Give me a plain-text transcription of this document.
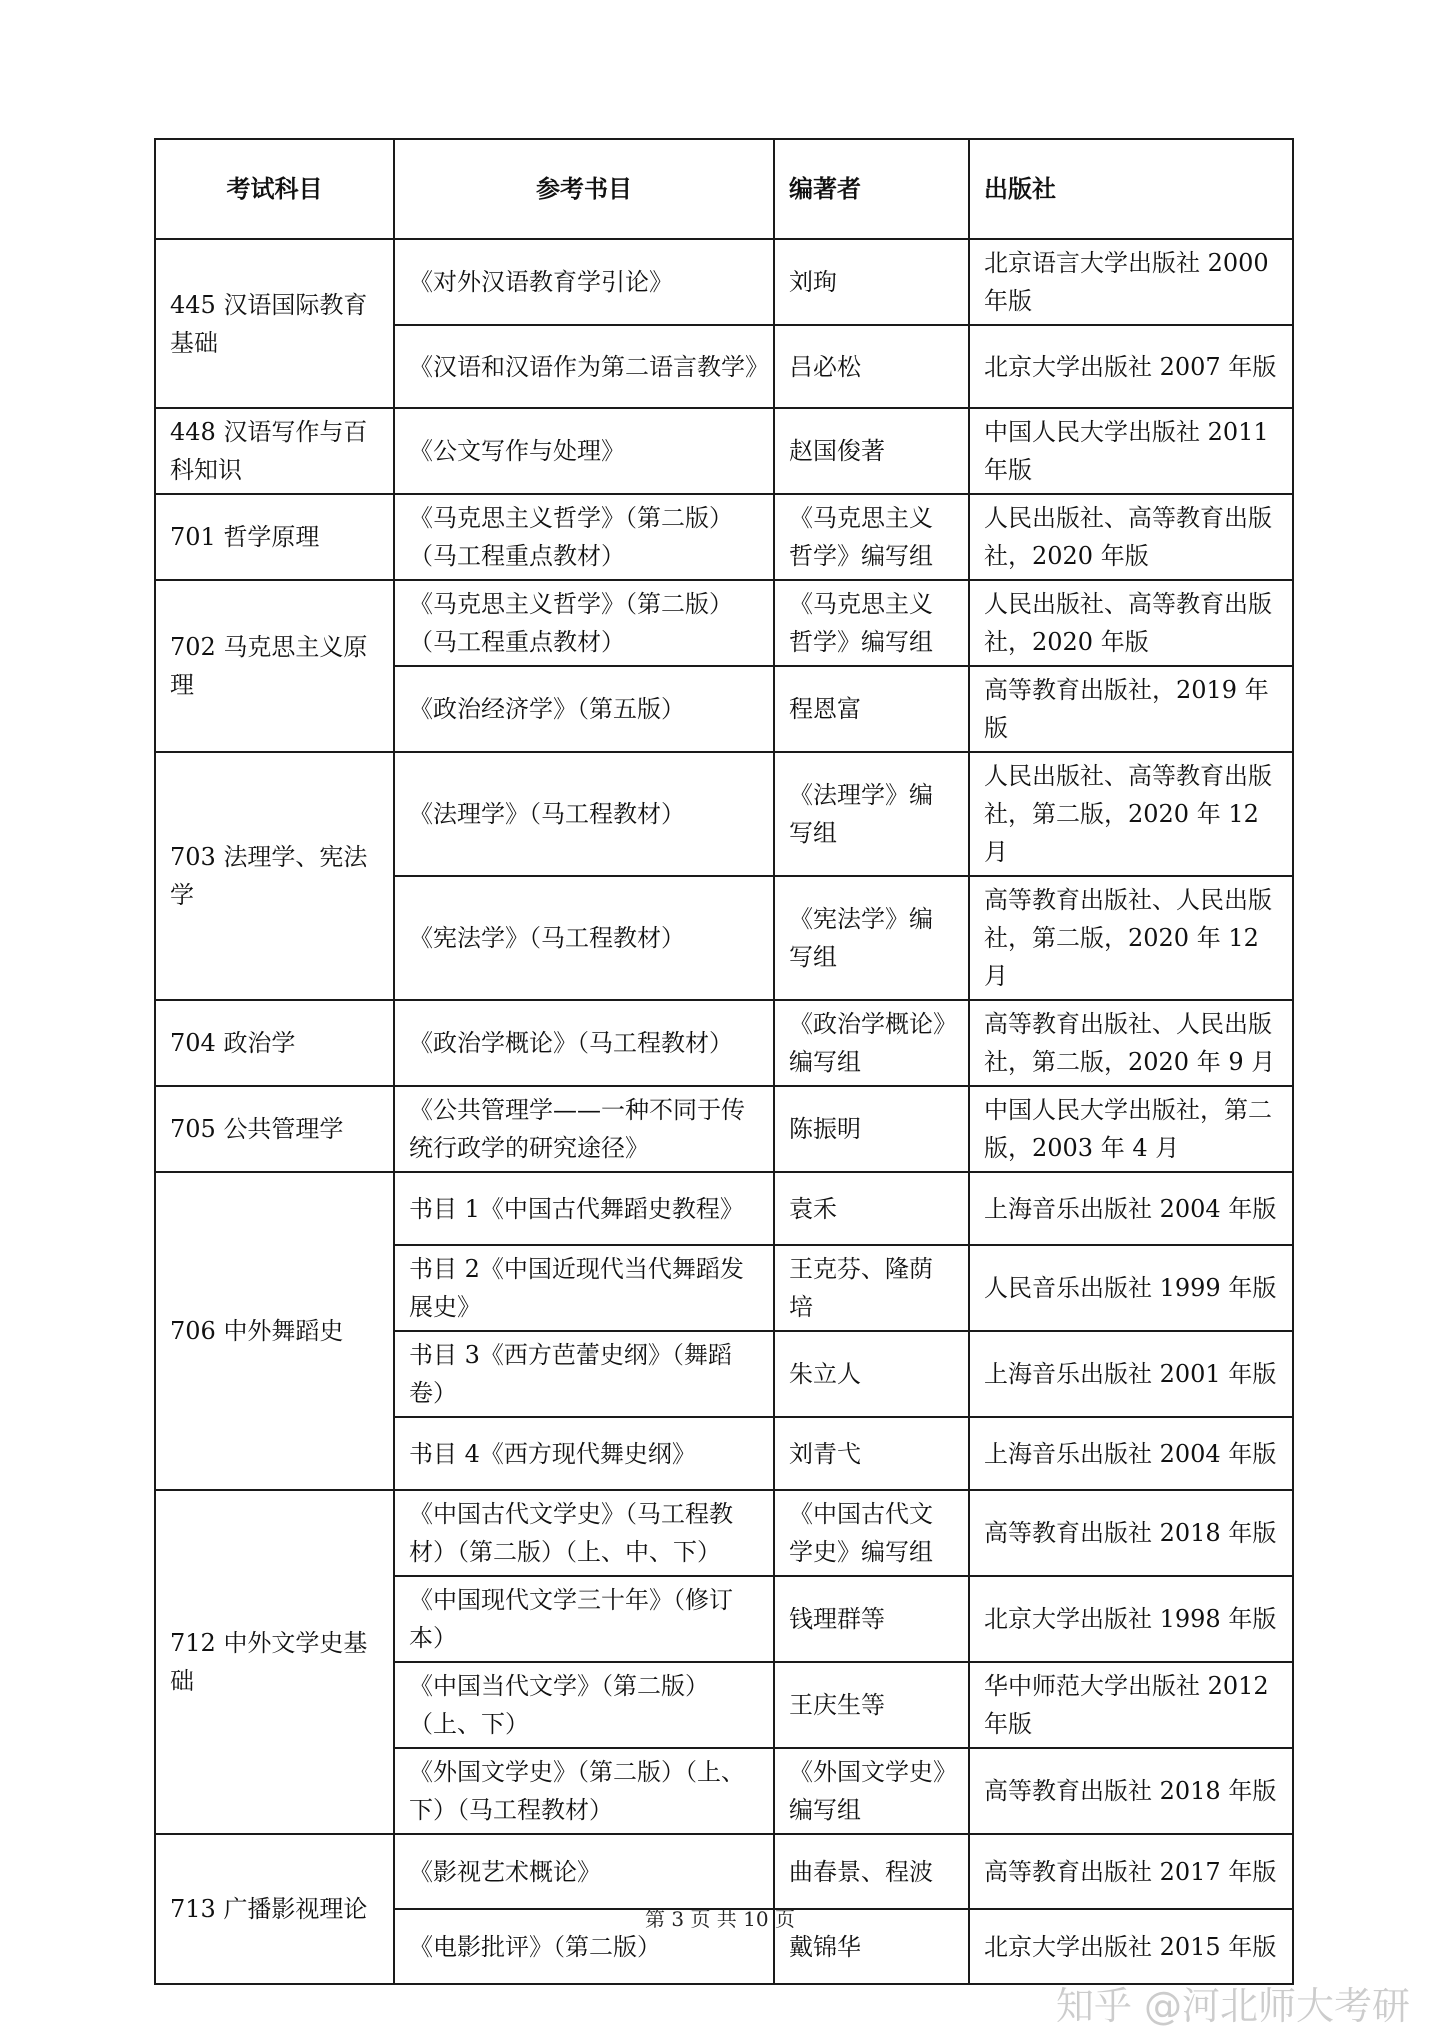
考试科目	参考书目	编著者	出版社
445 汉语国际教育基础	《对外汉语教育学引论》	刘珣	北京语言大学出版社 2000 年版
	《汉语和汉语作为第二语言教学》	吕必松	北京大学出版社 2007 年版
448 汉语写作与百科知识	《公文写作与处理》	赵国俊著	中国人民大学出版社 2011 年版
701 哲学原理	《马克思主义哲学》（第二版）（马工程重点教材）	《马克思主义哲学》编写组	人民出版社、高等教育出版社，2020 年版
702 马克思主义原理	《马克思主义哲学》（第二版）（马工程重点教材）	《马克思主义哲学》编写组	人民出版社、高等教育出版社，2020 年版
	《政治经济学》（第五版）	程恩富	高等教育出版社，2019 年版
703 法理学、宪法学	《法理学》（马工程教材）	《法理学》编写组	人民出版社、高等教育出版社，第二版，2020 年 12 月
	《宪法学》（马工程教材）	《宪法学》编写组	高等教育出版社、人民出版社，第二版，2020 年 12 月
704 政治学	《政治学概论》（马工程教材）	《政治学概论》编写组	高等教育出版社、人民出版社，第二版，2020 年 9 月
705 公共管理学	《公共管理学——一种不同于传统行政学的研究途径》	陈振明	中国人民大学出版社，第二版，2003 年 4 月
706 中外舞蹈史	书目 1《中国古代舞蹈史教程》	袁禾	上海音乐出版社 2004 年版
	书目 2《中国近现代当代舞蹈发展史》	王克芬、隆荫培	人民音乐出版社 1999 年版
	书目 3《西方芭蕾史纲》（舞蹈卷）	朱立人	上海音乐出版社 2001 年版
	书目 4《西方现代舞史纲》	刘青弋	上海音乐出版社 2004 年版
712 中外文学史基础	《中国古代文学史》（马工程教材）（第二版）（上、中、下）	《中国古代文学史》编写组	高等教育出版社 2018 年版
	《中国现代文学三十年》（修订本）	钱理群等	北京大学出版社 1998 年版
	《中国当代文学》（第二版）（上、下）	王庆生等	华中师范大学出版社 2012 年版
	《外国文学史》（第二版）（上、下）（马工程教材）	《外国文学史》编写组	高等教育出版社 2018 年版
713 广播影视理论	《影视艺术概论》	曲春景、程波	高等教育出版社 2017 年版
	《电影批评》（第二版）	戴锦华	北京大学出版社 2015 年版
第 3 页 共 10 页
知乎 @河北师大考研
